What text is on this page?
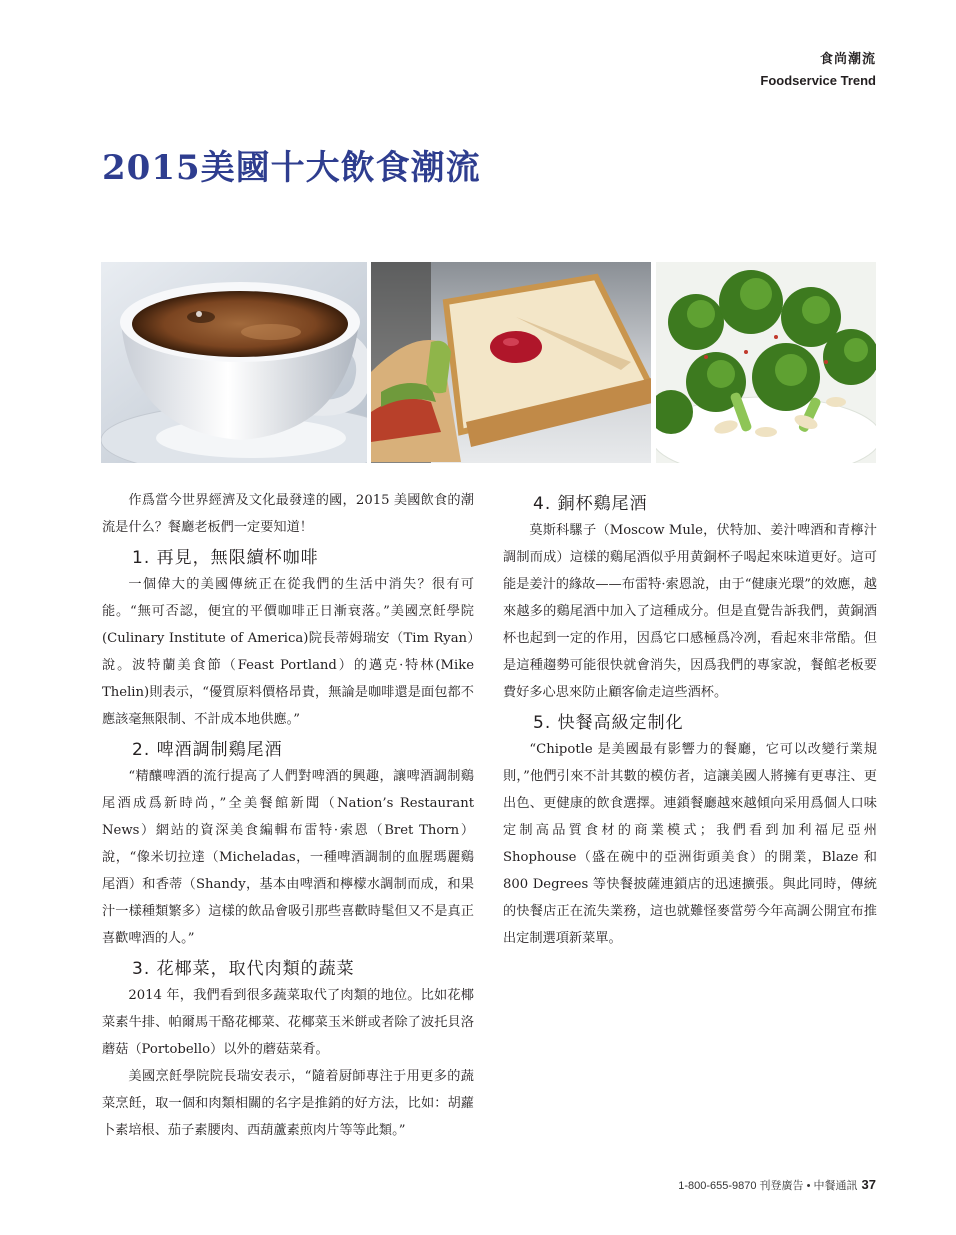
食尚潮流
Foodservice Trend
2015美國十大飲食潮流

作爲當今世界經濟及文化最發達的國，2015 美國飲食的潮流是什么？餐廳老板們一定要知道！

1. 再見，無限續杯咖啡

一個偉大的美國傳統正在從我們的生活中消失？很有可能。“無可否認，便宜的平價咖啡正日漸衰落。”美國烹飪學院(Culinary Institute of America)院長蒂姆瑞安（Tim Ryan）說。波特蘭美食節（Feast Portland）的邁克·特林(Mike Thelin)則表示，“優質原料價格昂貴，無論是咖啡還是面包都不應該毫無限制、不計成本地供應。”

2. 啤酒調制鷄尾酒

“精釀啤酒的流行提高了人們對啤酒的興趣，讓啤酒調制鷄尾酒成爲新時尚，”全美餐館新聞（Nation’s Restaurant News）網站的資深美食編輯布雷特·索恩（Bret Thorn）說，“像米切拉達（Micheladas，一種啤酒調制的血腥瑪麗鷄尾酒）和香蒂（Shandy，基本由啤酒和檸檬水調制而成，和果汁一樣種類繁多）這樣的飲品會吸引那些喜歡時髦但又不是真正喜歡啤酒的人。”

3. 花椰菜，取代肉類的蔬菜

2014 年，我們看到很多蔬菜取代了肉類的地位。比如花椰菜素牛排、帕爾馬干酪花椰菜、花椰菜玉米餅或者除了波托貝洛蘑菇（Portobello）以外的蘑菇菜肴。

美國烹飪學院院長瑞安表示，“隨着厨師專注于用更多的蔬菜烹飪，取一個和肉類相關的名字是推銷的好方法，比如：胡蘿卜素培根、茄子素腰肉、西葫蘆素煎肉片等等此類。”

4. 銅杯鷄尾酒

莫斯科騾子（Moscow Mule，伏特加、姜汁啤酒和青檸汁調制而成）這樣的鷄尾酒似乎用黄銅杯子喝起來味道更好。這可能是姜汁的緣故——布雷特·索恩說，由于“健康光環”的效應，越來越多的鷄尾酒中加入了這種成分。但是直覺告訴我們，黄銅酒杯也起到一定的作用，因爲它口感極爲冷冽，看起來非常酷。但是這種趨勢可能很快就會消失，因爲我們的專家說，餐館老板要費好多心思來防止顧客偷走這些酒杯。

5. 快餐高級定制化

“Chipotle 是美國最有影響力的餐廳，它可以改變行業規則，”他們引來不計其數的模仿者，這讓美國人將擁有更專注、更出色、更健康的飲食選擇。連鎖餐廳越來越傾向采用爲個人口味定制高品質食材的商業模式；我們看到加利福尼亞州 Shophouse（盛在碗中的亞洲街頭美食）的開業，Blaze 和 800 Degrees 等快餐披薩連鎖店的迅速擴張。與此同時，傳統的快餐店正在流失業務，這也就難怪麥當勞今年高調公開宜布推出定制選項新菜單。

1-800-655-9870 刊登廣告 • 中餐通訊 37
